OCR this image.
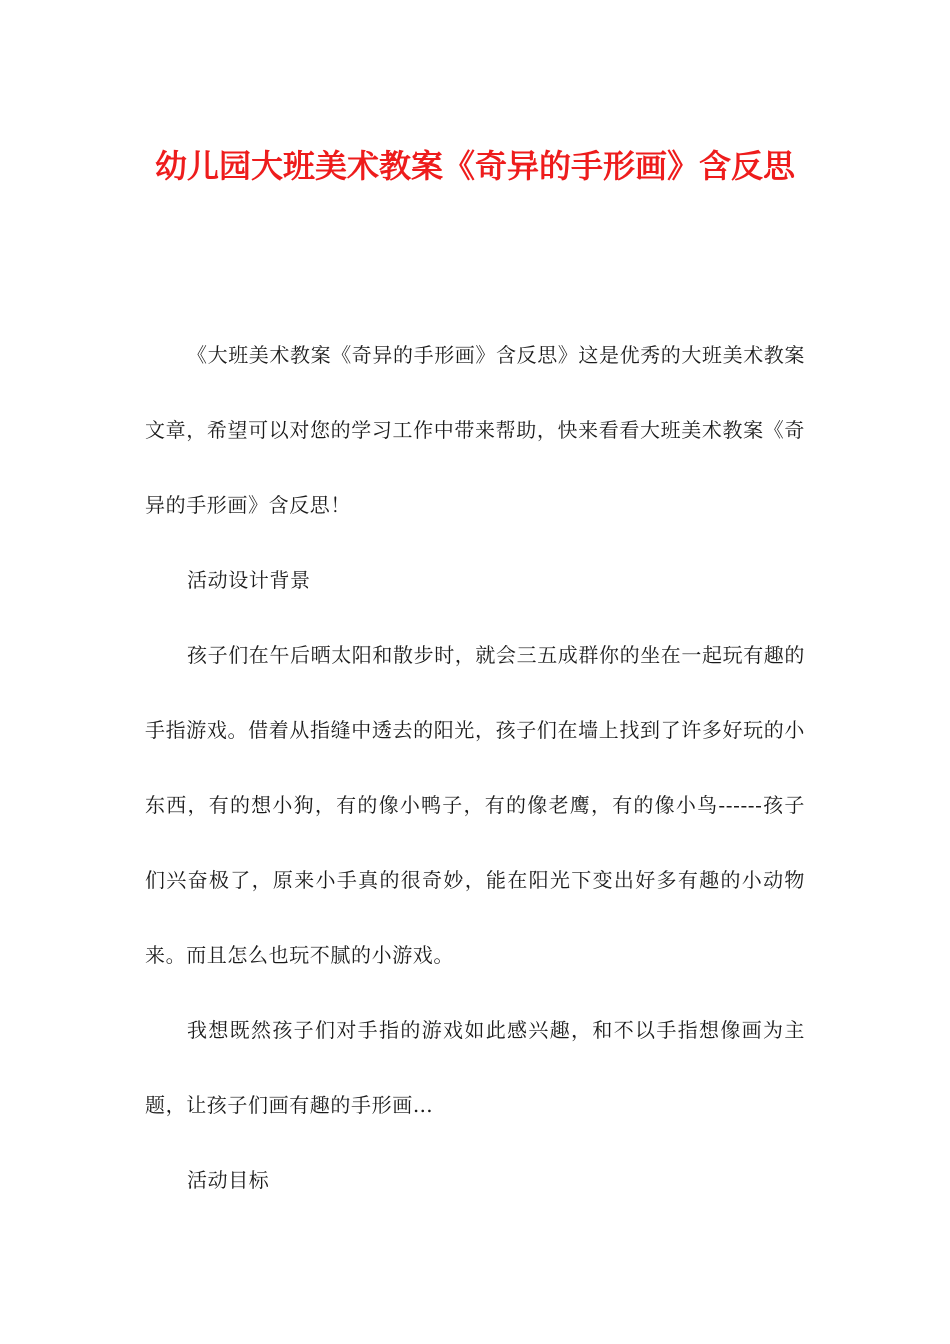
幼儿园大班美术教案《奇异的手形画》含反思

《大班美术教案《奇异的手形画》含反思》这是优秀的大班美术教案文章，希望可以对您的学习工作中带来帮助，快来看看大班美术教案《奇异的手形画》含反思！

活动设计背景

孩子们在午后晒太阳和散步时，就会三五成群你的坐在一起玩有趣的手指游戏。借着从指缝中透去的阳光，孩子们在墙上找到了许多好玩的小东西，有的想小狗，有的像小鸭子，有的像老鹰，有的像小鸟------孩子们兴奋极了，原来小手真的很奇妙，能在阳光下变出好多有趣的小动物来。而且怎么也玩不腻的小游戏。

我想既然孩子们对手指的游戏如此感兴趣，和不以手指想像画为主题，让孩子们画有趣的手形画…

活动目标
